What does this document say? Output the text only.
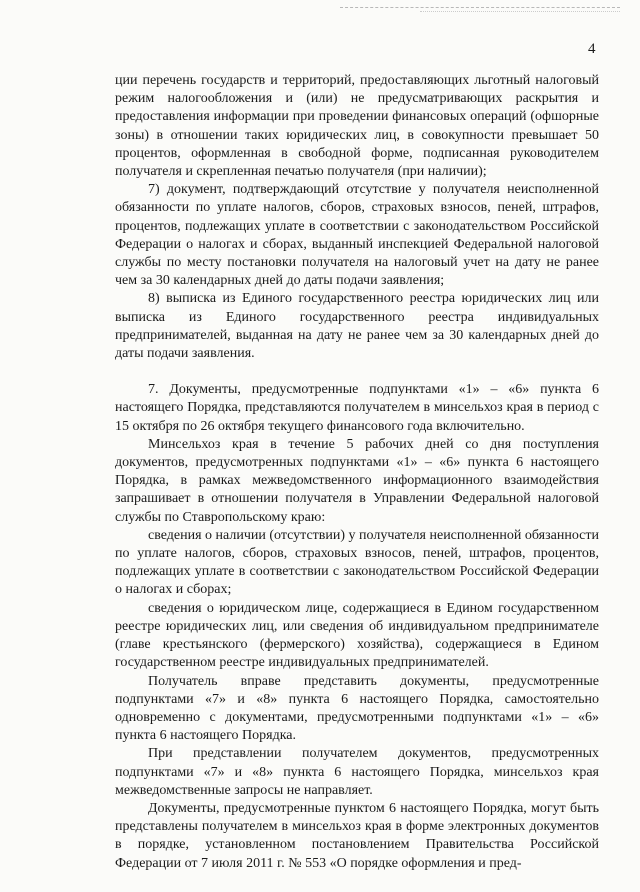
4

ции перечень государств и территорий, предоставляющих льготный налоговый режим налогообложения и (или) не предусматривающих раскрытия и предоставления информации при проведении финансовых операций (офшорные зоны) в отношении таких юридических лиц, в совокупности превышает 50 процентов, оформленная в свободной форме, подписанная руководителем получателя и скрепленная печатью получателя (при наличии);

7) документ, подтверждающий отсутствие у получателя неисполненной обязанности по уплате налогов, сборов, страховых взносов, пеней, штрафов, процентов, подлежащих уплате в соответствии с законодательством Российской Федерации о налогах и сборах, выданный инспекцией Федеральной налоговой службы по месту постановки получателя на налоговый учет на дату не ранее чем за 30 календарных дней до даты подачи заявления;

8) выписка из Единого государственного реестра юридических лиц или выписка из Единого государственного реестра индивидуальных предпринимателей, выданная на дату не ранее чем за 30 календарных дней до даты подачи заявления.

7. Документы, предусмотренные подпунктами «1» – «6» пункта 6 настоящего Порядка, представляются получателем в минсельхоз края в период с 15 октября по 26 октября текущего финансового года включительно.

Минсельхоз края в течение 5 рабочих дней со дня поступления документов, предусмотренных подпунктами «1» – «6» пункта 6 настоящего Порядка, в рамках межведомственного информационного взаимодействия запрашивает в отношении получателя в Управлении Федеральной налоговой службы по Ставропольскому краю:

сведения о наличии (отсутствии) у получателя неисполненной обязанности по уплате налогов, сборов, страховых взносов, пеней, штрафов, процентов, подлежащих уплате в соответствии с законодательством Российской Федерации о налогах и сборах;

сведения о юридическом лице, содержащиеся в Едином государственном реестре юридических лиц, или сведения об индивидуальном предпринимателе (главе крестьянского (фермерского) хозяйства), содержащиеся в Едином государственном реестре индивидуальных предпринимателей.

Получатель вправе представить документы, предусмотренные подпунктами «7» и «8» пункта 6 настоящего Порядка, самостоятельно одновременно с документами, предусмотренными подпунктами «1» – «6» пункта 6 настоящего Порядка.

При представлении получателем документов, предусмотренных подпунктами «7» и «8» пункта 6 настоящего Порядка, минсельхоз края межведомственные запросы не направляет.

Документы, предусмотренные пунктом 6 настоящего Порядка, могут быть представлены получателем в минсельхоз края в форме электронных документов в порядке, установленном постановлением Правительства Российской Федерации от 7 июля 2011 г. № 553 «О порядке оформления и пред-
